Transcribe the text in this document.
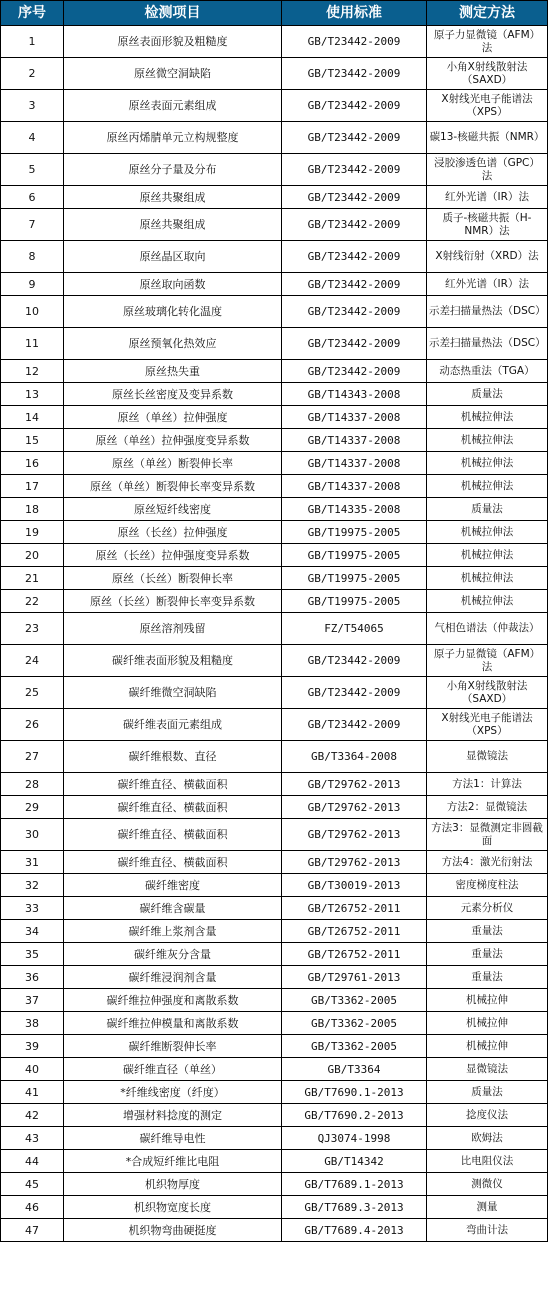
序号	检测项目	使用标准	测定方法
1	原丝表面形貌及粗糙度	GB/T23442-2009	原子力显微镜（AFM）法
2	原丝微空洞缺陷	GB/T23442-2009	小角X射线散射法（SAXD）
3	原丝表面元素组成	GB/T23442-2009	X射线光电子能谱法（XPS）
4	原丝丙烯腈单元立构规整度	GB/T23442-2009	碳13-核磁共振（NMR）
5	原丝分子量及分布	GB/T23442-2009	浸胶渗透色谱（GPC）法
6	原丝共聚组成	GB/T23442-2009	红外光谱（IR）法
7	原丝共聚组成	GB/T23442-2009	质子-核磁共振（H-NMR）法
8	原丝晶区取向	GB/T23442-2009	X射线衍射（XRD）法
9	原丝取向函数	GB/T23442-2009	红外光谱（IR）法
10	原丝玻璃化转化温度	GB/T23442-2009	示差扫描量热法（DSC）
11	原丝预氧化热效应	GB/T23442-2009	示差扫描量热法（DSC）
12	原丝热失重	GB/T23442-2009	动态热重法（TGA）
13	原丝长丝密度及变异系数	GB/T14343-2008	质量法
14	原丝（单丝）拉伸强度	GB/T14337-2008	机械拉伸法
15	原丝（单丝）拉伸强度变异系数	GB/T14337-2008	机械拉伸法
16	原丝（单丝）断裂伸长率	GB/T14337-2008	机械拉伸法
17	原丝（单丝）断裂伸长率变异系数	GB/T14337-2008	机械拉伸法
18	原丝短纤线密度	GB/T14335-2008	质量法
19	原丝（长丝）拉伸强度	GB/T19975-2005	机械拉伸法
20	原丝（长丝）拉伸强度变异系数	GB/T19975-2005	机械拉伸法
21	原丝（长丝）断裂伸长率	GB/T19975-2005	机械拉伸法
22	原丝（长丝）断裂伸长率变异系数	GB/T19975-2005	机械拉伸法
23	原丝溶剂残留	FZ/T54065	气相色谱法（仲裁法）
24	碳纤维表面形貌及粗糙度	GB/T23442-2009	原子力显微镜（AFM）法
25	碳纤维微空洞缺陷	GB/T23442-2009	小角X射线散射法（SAXD）
26	碳纤维表面元素组成	GB/T23442-2009	X射线光电子能谱法（XPS）
27	碳纤维根数、直径	GB/T3364-2008	显微镜法
28	碳纤维直径、横截面积	GB/T29762-2013	方法1：计算法
29	碳纤维直径、横截面积	GB/T29762-2013	方法2：显微镜法
30	碳纤维直径、横截面积	GB/T29762-2013	方法3：显微测定非圆截面
31	碳纤维直径、横截面积	GB/T29762-2013	方法4：激光衍射法
32	碳纤维密度	GB/T30019-2013	密度梯度柱法
33	碳纤维含碳量	GB/T26752-2011	元素分析仪
34	碳纤维上浆剂含量	GB/T26752-2011	重量法
35	碳纤维灰分含量	GB/T26752-2011	重量法
36	碳纤维浸润剂含量	GB/T29761-2013	重量法
37	碳纤维拉伸强度和离散系数	GB/T3362-2005	机械拉伸
38	碳纤维拉伸模量和离散系数	GB/T3362-2005	机械拉伸
39	碳纤维断裂伸长率	GB/T3362-2005	机械拉伸
40	碳纤维直径（单丝）	GB/T3364	显微镜法
41	*纤维线密度（纤度）	GB/T7690.1-2013	质量法
42	增强材料捻度的测定	GB/T7690.2-2013	捻度仪法
43	碳纤维导电性	QJ3074-1998	欧姆法
44	*合成短纤维比电阻	GB/T14342	比电阻仪法
45	机织物厚度	GB/T7689.1-2013	测微仪
46	机织物宽度长度	GB/T7689.3-2013	测量
47	机织物弯曲硬挺度	GB/T7689.4-2013	弯曲计法
